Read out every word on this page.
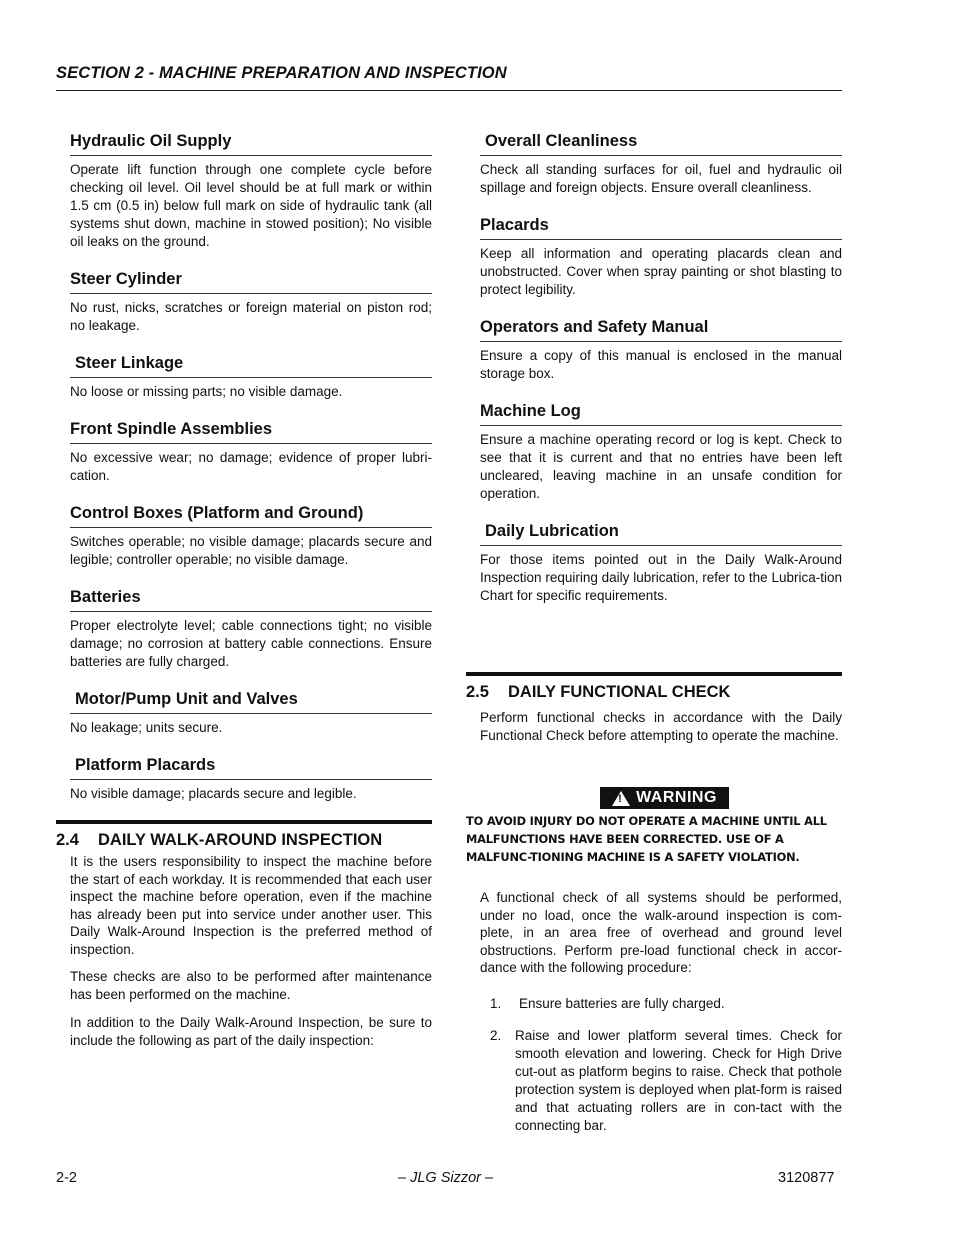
SECTION 2 - MACHINE PREPARATION AND INSPECTION
Hydraulic Oil Supply

Operate lift function through one complete cycle before checking oil level. Oil level should be at full mark or within 1.5 cm (0.5 in) below full mark on side of hydraulic tank (all systems shut down, machine in stowed position); No visible oil leaks on the ground.

Steer Cylinder

No rust, nicks, scratches or foreign material on piston rod; no leakage.

Steer Linkage

No loose or missing parts; no visible damage.

Front Spindle Assemblies

No excessive wear; no damage; evidence of proper lubri-cation.

Control Boxes (Platform and Ground)

Switches operable; no visible damage; placards secure and legible; controller operable; no visible damage.

Batteries

Proper electrolyte level; cable connections tight; no visible damage; no corrosion at battery cable connections. Ensure batteries are fully charged.

Motor/Pump Unit and Valves

No leakage; units secure.

Platform Placards

No visible damage; placards secure and legible.

2.4 DAILY WALK-AROUND INSPECTION

It is the users responsibility to inspect the machine before the start of each workday. It is recommended that each user inspect the machine before operation, even if the machine has already been put into service under another user. This Daily Walk-Around Inspection is the preferred method of inspection.

These checks are also to be performed after maintenance has been performed on the machine.

In addition to the Daily Walk-Around Inspection, be sure to include the following as part of the daily inspection:

Overall Cleanliness

Check all standing surfaces for oil, fuel and hydraulic oil spillage and foreign objects. Ensure overall cleanliness.

Placards

Keep all information and operating placards clean and unobstructed. Cover when spray painting or shot blasting to protect legibility.

Operators and Safety Manual

Ensure a copy of this manual is enclosed in the manual storage box.

Machine Log

Ensure a machine operating record or log is kept. Check to see that it is current and that no entries have been left uncleared, leaving machine in an unsafe condition for operation.

Daily Lubrication

For those items pointed out in the Daily Walk-Around Inspection requiring daily lubrication, refer to the Lubrica-tion Chart for specific requirements.

2.5 DAILY FUNCTIONAL CHECK

Perform functional checks in accordance with the Daily Functional Check before attempting to operate the machine.

! WARNING

TO AVOID INJURY DO NOT OPERATE A MACHINE UNTIL ALL MALFUNCTIONS HAVE BEEN CORRECTED. USE OF A MALFUNC-TIONING MACHINE IS A SAFETY VIOLATION.

A functional check of all systems should be performed, under no load, once the walk-around inspection is com-plete, in an area free of overhead and ground level obstructions. Perform pre-load functional check in accor-dance with the following procedure:

1.	Ensure batteries are fully charged.
2.	Raise and lower platform several times. Check for smooth elevation and lowering. Check for High Drive cut-out as platform begins to raise. Check that pothole protection system is deployed when plat-form is raised and that actuating rollers are in con-tact with the connecting bar.
2-2	– JLG Sizzor –	3120877
